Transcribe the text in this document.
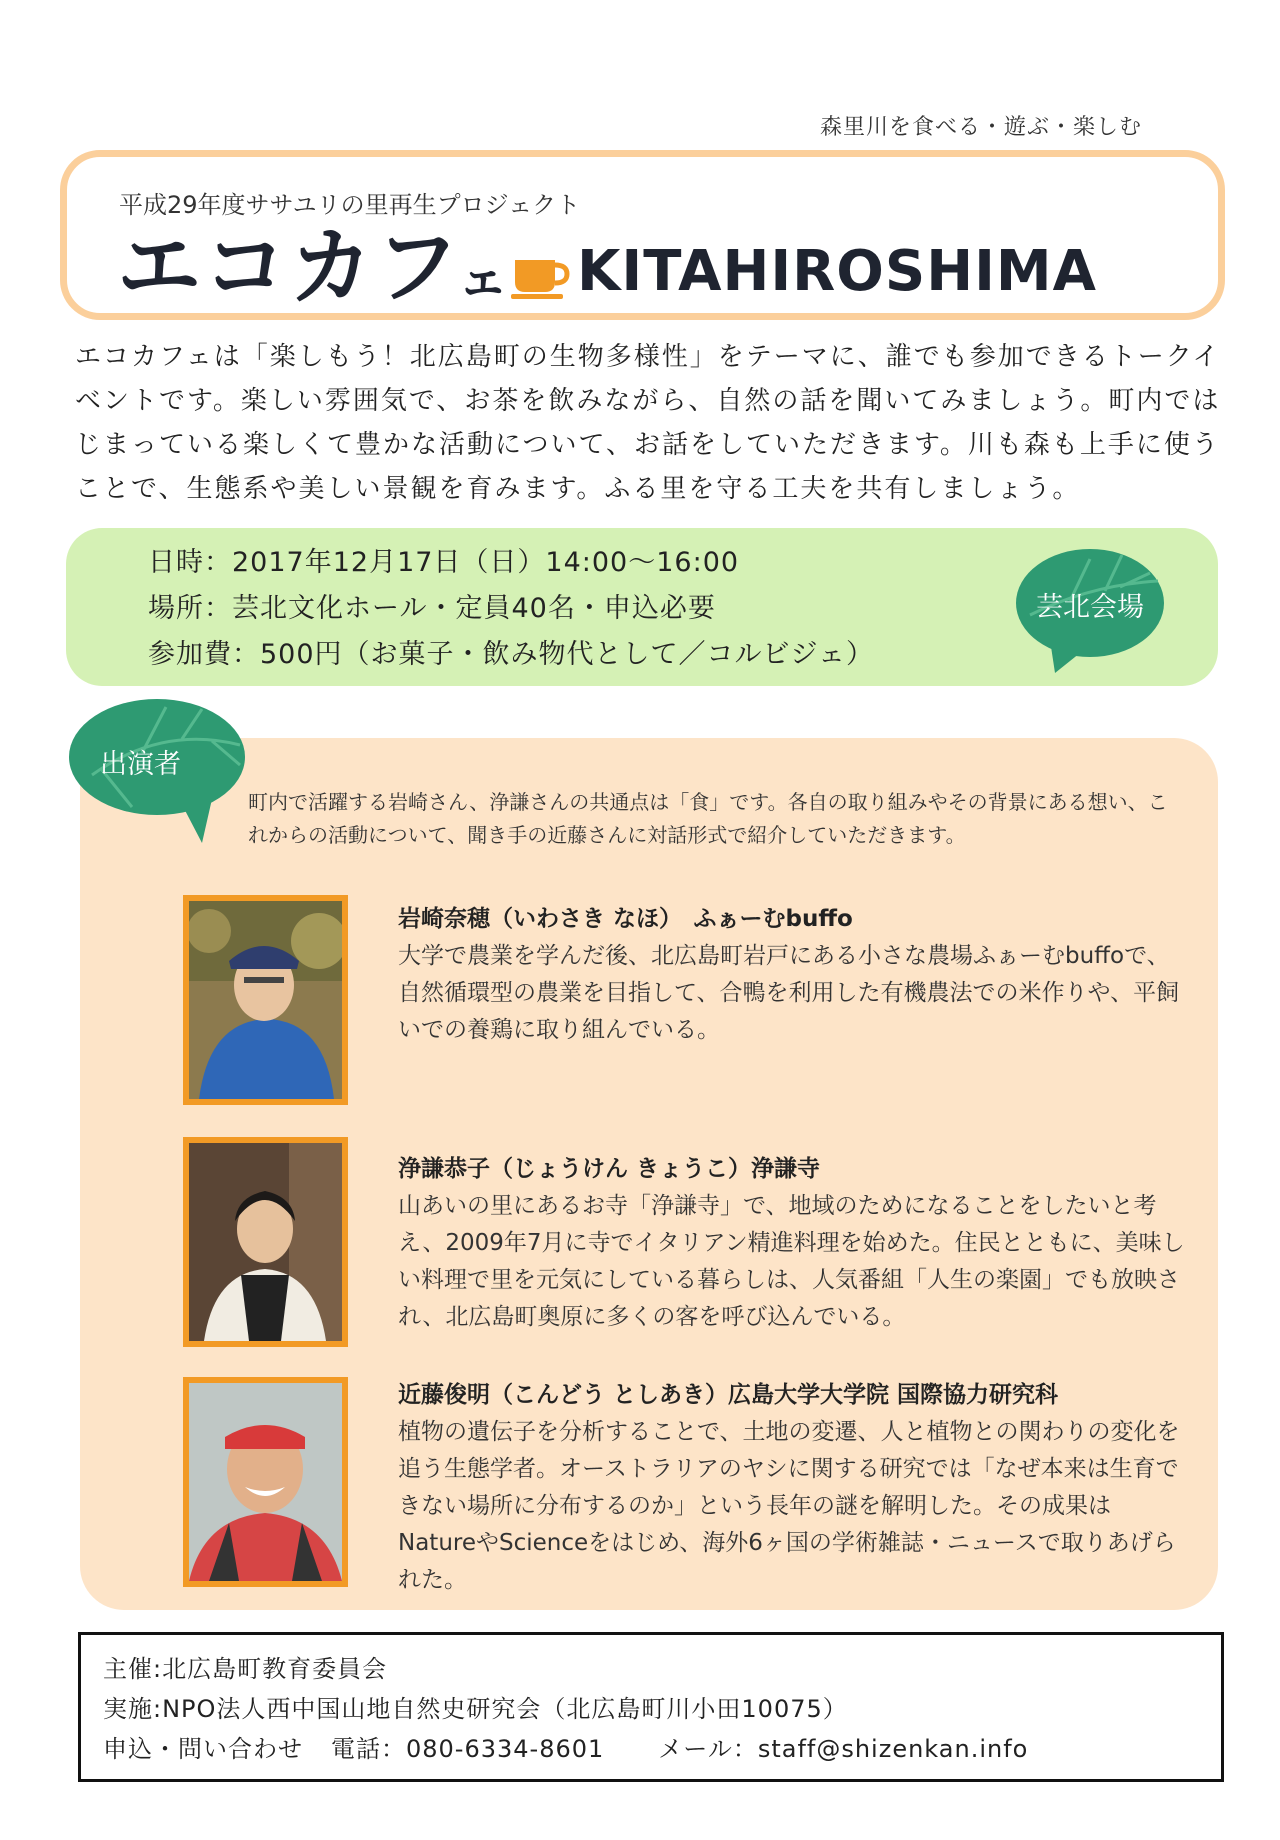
森里川を食べる・遊ぶ・楽しむ
平成29年度ササユリの里再生プロジェクト
エコカフェ KITAHIROSHIMA
エコカフェは「楽しもう！北広島町の生物多様性」をテーマに、誰でも参加できるトークイベントです。楽しい雰囲気で、お茶を飲みながら、自然の話を聞いてみましょう。町内ではじまっている楽しくて豊かな活動について、お話をしていただきます。川も森も上手に使うことで、生態系や美しい景観を育みます。ふる里を守る工夫を共有しましょう。
日時：2017年12月17日（日）14:00〜16:00
場所：芸北文化ホール・定員40名・申込必要
参加費：500円（お菓子・飲み物代として／コルビジェ）
芸北会場
出演者
町内で活躍する岩崎さん、浄謙さんの共通点は「食」です。各自の取り組みやその背景にある想い、これからの活動について、聞き手の近藤さんに対話形式で紹介していただきます。
岩崎奈穂（いわさき なほ）　ふぁーむbuffo
大学で農業を学んだ後、北広島町岩戸にある小さな農場ふぁーむbuffoで、自然循環型の農業を目指して、合鴨を利用した有機農法での米作りや、平飼いでの養鶏に取り組んでいる。
浄謙恭子（じょうけん きょうこ）浄謙寺
山あいの里にあるお寺「浄謙寺」で、地域のためになることをしたいと考え、2009年7月に寺でイタリアン精進料理を始めた。住民とともに、美味しい料理で里を元気にしている暮らしは、人気番組「人生の楽園」でも放映され、北広島町奥原に多くの客を呼び込んでいる。
近藤俊明（こんどう としあき）広島大学大学院 国際協力研究科
植物の遺伝子を分析することで、土地の変遷、人と植物との関わりの変化を追う生態学者。オーストラリアのヤシに関する研究では「なぜ本来は生育できない場所に分布するのか」という長年の謎を解明した。その成果はNatureやScienceをはじめ、海外6ヶ国の学術雑誌・ニュースで取りあげられた。
主催:北広島町教育委員会
実施:NPO法人西中国山地自然史研究会（北広島町川小田10075）
申込・問い合わせ 電話：080-6334-8601 メール：staff@shizenkan.info
